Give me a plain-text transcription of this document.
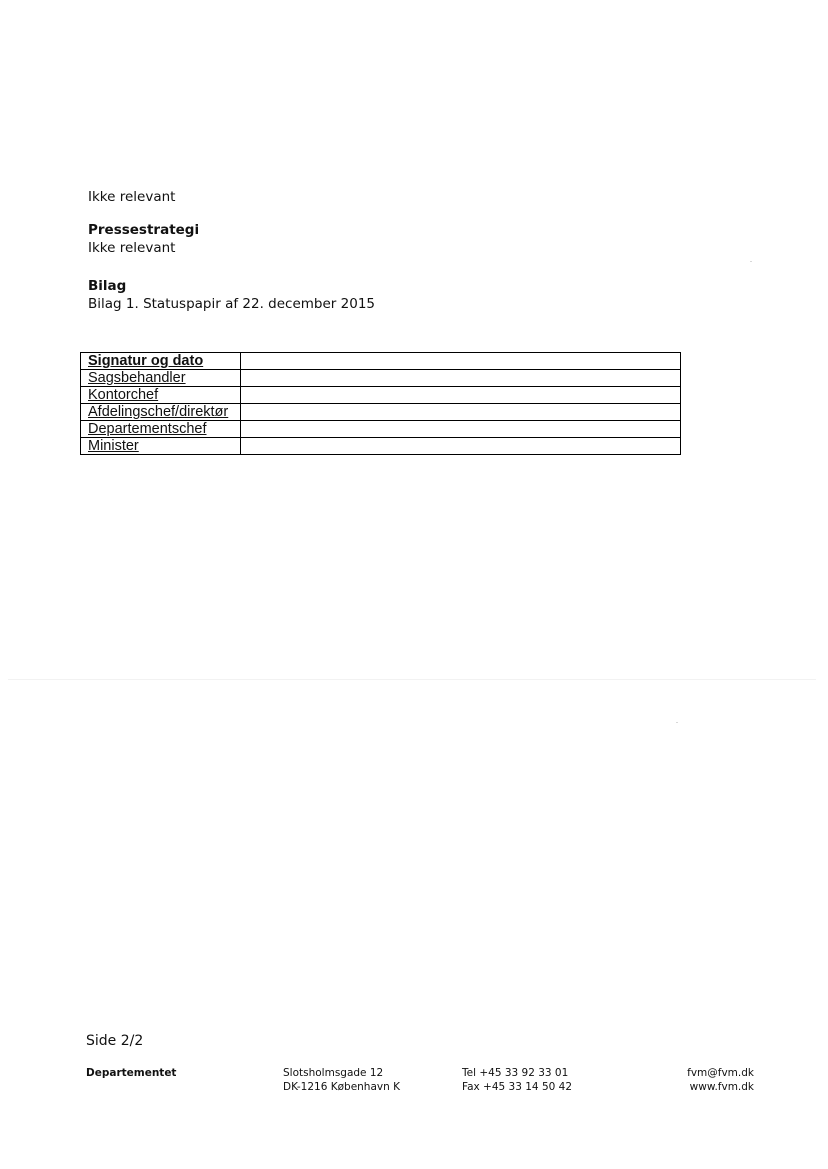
Ikke relevant
Pressestrategi
Ikke relevant
Bilag
Bilag 1. Statuspapir af 22. december 2015
Signatur og dato	
Sagsbehandler	
Kontorchef	
Afdelingschef/direktør	
Departementschef	
Minister	
Side 2/2
Departementet	Slotsholmsgade 12
DK-1216 København K
Tel +45 33 92 33 01
Fax +45 33 14 50 42
fvm@fvm.dk
www.fvm.dk
